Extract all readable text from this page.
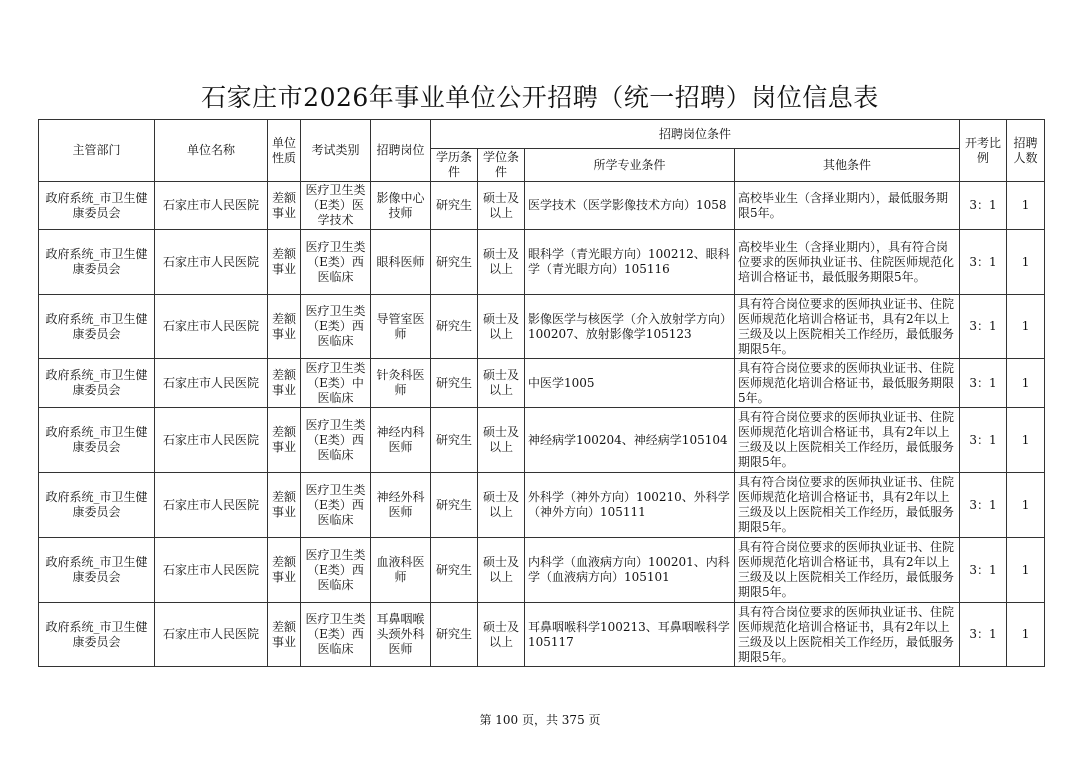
石家庄市2026年事业单位公开招聘（统一招聘）岗位信息表
主管部门	单位名称	单位性质	考试类别	招聘岗位	招聘岗位条件				开考比例	招聘人数
					学历条件	学位条件	所学专业条件	其他条件		
政府系统_市卫生健康委员会	石家庄市人民医院	差额事业	医疗卫生类（E类）医学技术	影像中心技师	研究生	硕士及以上	医学技术（医学影像技术方向）1058	高校毕业生（含择业期内），最低服务期限5年。	3：1	1
政府系统_市卫生健康委员会	石家庄市人民医院	差额事业	医疗卫生类（E类）西医临床	眼科医师	研究生	硕士及以上	眼科学（青光眼方向）100212、眼科学（青光眼方向）105116	高校毕业生（含择业期内），具有符合岗位要求的医师执业证书、住院医师规范化培训合格证书，最低服务期限5年。	3：1	1
政府系统_市卫生健康委员会	石家庄市人民医院	差额事业	医疗卫生类（E类）西医临床	导管室医师	研究生	硕士及以上	影像医学与核医学（介入放射学方向）100207、放射影像学105123	具有符合岗位要求的医师执业证书、住院医师规范化培训合格证书，具有2年以上三级及以上医院相关工作经历，最低服务期限5年。	3：1	1
政府系统_市卫生健康委员会	石家庄市人民医院	差额事业	医疗卫生类（E类）中医临床	针灸科医师	研究生	硕士及以上	中医学1005	具有符合岗位要求的医师执业证书、住院医师规范化培训合格证书，最低服务期限5年。	3：1	1
政府系统_市卫生健康委员会	石家庄市人民医院	差额事业	医疗卫生类（E类）西医临床	神经内科医师	研究生	硕士及以上	神经病学100204、神经病学105104	具有符合岗位要求的医师执业证书、住院医师规范化培训合格证书，具有2年以上三级及以上医院相关工作经历，最低服务期限5年。	3：1	1
政府系统_市卫生健康委员会	石家庄市人民医院	差额事业	医疗卫生类（E类）西医临床	神经外科医师	研究生	硕士及以上	外科学（神外方向）100210、外科学（神外方向）105111	具有符合岗位要求的医师执业证书、住院医师规范化培训合格证书，具有2年以上三级及以上医院相关工作经历，最低服务期限5年。	3：1	1
政府系统_市卫生健康委员会	石家庄市人民医院	差额事业	医疗卫生类（E类）西医临床	血液科医师	研究生	硕士及以上	内科学（血液病方向）100201、内科学（血液病方向）105101	具有符合岗位要求的医师执业证书、住院医师规范化培训合格证书，具有2年以上三级及以上医院相关工作经历，最低服务期限5年。	3：1	1
政府系统_市卫生健康委员会	石家庄市人民医院	差额事业	医疗卫生类（E类）西医临床	耳鼻咽喉头颈外科医师	研究生	硕士及以上	耳鼻咽喉科学100213、耳鼻咽喉科学105117	具有符合岗位要求的医师执业证书、住院医师规范化培训合格证书，具有2年以上三级及以上医院相关工作经历，最低服务期限5年。	3：1	1
第 100 页，共 375 页
